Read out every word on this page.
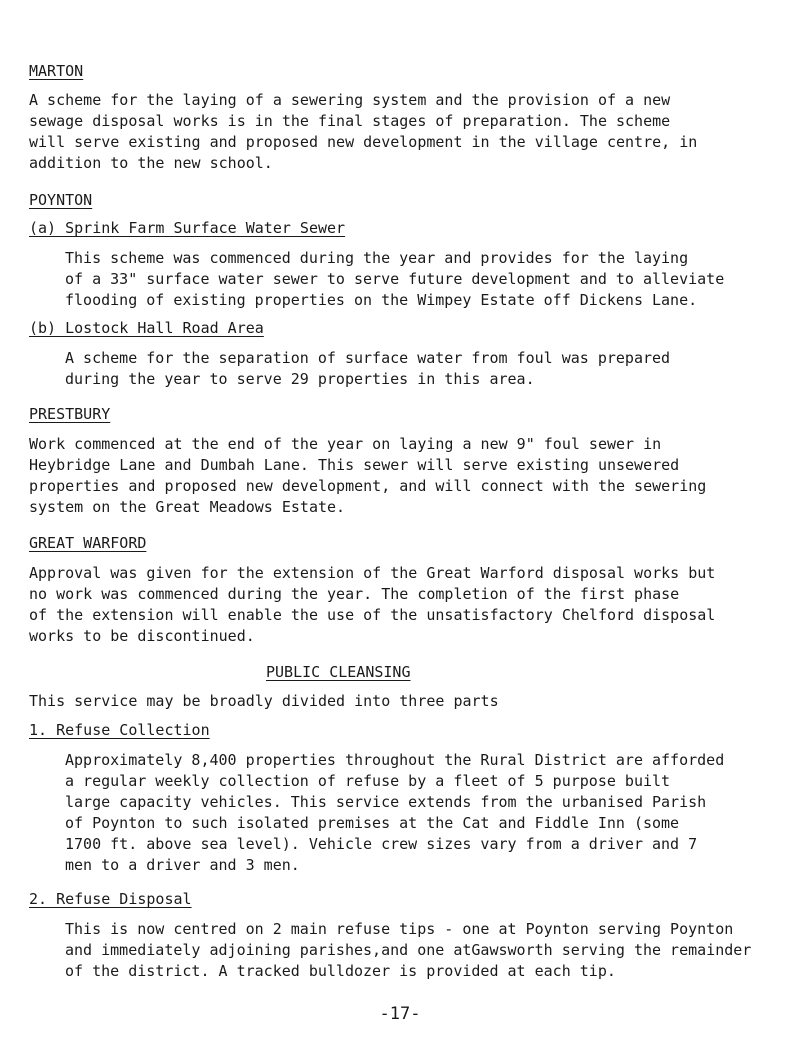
MARTON

A scheme for the laying of a sewering system and the provision of a new

sewage disposal works is in the final stages of preparation. The scheme

will serve existing and proposed new development in the village centre, in

addition to the new school.

POYNTON

(a) Sprink Farm Surface Water Sewer

This scheme was commenced during the year and provides for the laying

of a 33" surface water sewer to serve future development and to alleviate

flooding of existing properties on the Wimpey Estate off Dickens Lane.

(b) Lostock Hall Road Area

A scheme for the separation of surface water from foul was prepared

during the year to serve 29 properties in this area.

PRESTBURY

Work commenced at the end of the year on laying a new 9" foul sewer in

Heybridge Lane and Dumbah Lane. This sewer will serve existing unsewered

properties and proposed new development, and will connect with the sewering

system on the Great Meadows Estate.

GREAT WARFORD

Approval was given for the extension of the Great Warford disposal works but

no work was commenced during the year. The completion of the first phase

of the extension will enable the use of the unsatisfactory Chelford disposal

works to be discontinued.

PUBLIC CLEANSING

This service may be broadly divided into three parts

1. Refuse Collection

Approximately 8,400 properties throughout the Rural District are afforded

a regular weekly collection of refuse by a fleet of 5 purpose built

large capacity vehicles. This service extends from the urbanised Parish

of Poynton to such isolated premises at the Cat and Fiddle Inn (some

1700 ft. above sea level). Vehicle crew sizes vary from a driver and 7

men to a driver and 3 men.

2. Refuse Disposal

This is now centred on 2 main refuse tips - one at Poynton serving Poynton

and immediately adjoining parishes,and one atGawsworth serving the remainder

of the district. A tracked bulldozer is provided at each tip.

-17-
